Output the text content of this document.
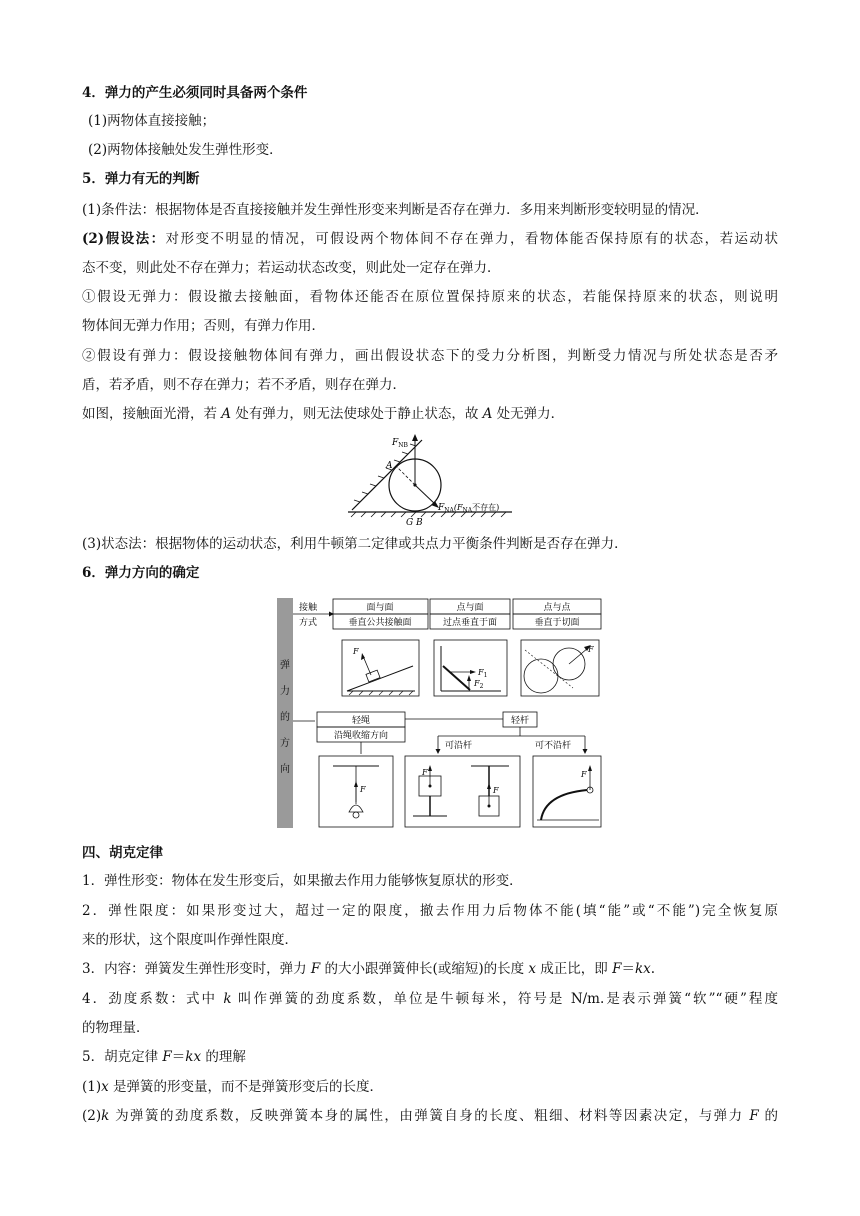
4．弹力的产生必须同时具备两个条件
(1)两物体直接接触；
(2)两物体接触处发生弹性形变．
5．弹力有无的判断
(1)条件法：根据物体是否直接接触并发生弹性形变来判断是否存在弹力．多用来判断形变较明显的情况．
(2)假设法：对形变不明显的情况，可假设两个物体间不存在弹力，看物体能否保持原有的状态，若运动状
态不变，则此处不存在弹力；若运动状态改变，则此处一定存在弹力．
①假设无弹力：假设撤去接触面，看物体还能否在原位置保持原来的状态，若能保持原来的状态，则说明
物体间无弹力作用；否则，有弹力作用．
②假设有弹力：假设接触物体间有弹力，画出假设状态下的受力分析图，判断受力情况与所处状态是否矛
盾，若矛盾，则不存在弹力；若不矛盾，则存在弹力．
如图，接触面光滑，若 A 处有弹力，则无法使球处于静止状态，故 A 处无弹力．
$F_{NB}$
A
G B
$F_{NA}(F_{NA}$不存在)
(3)状态法：根据物体的运动状态，利用牛顿第二定律或共点力平衡条件判断是否存在弹力．
6．弹力方向的确定
弹
力
的
方
向
接触
方式
面与面
垂直公共接触面
点与面
过点垂直于面
点与点
垂直于切面
F
$F_1$
$F_2$
F
轻绳
沿绳收缩方向
轻杆
可沿杆	可不沿杆
F
F
F
F
四、胡克定律
1．弹性形变：物体在发生形变后，如果撤去作用力能够恢复原状的形变．
2．弹性限度：如果形变过大，超过一定的限度，撤去作用力后物体不能(填“能”或“不能”)完全恢复原
来的形状，这个限度叫作弹性限度．
3．内容：弹簧发生弹性形变时，弹力 F 的大小跟弹簧伸长(或缩短)的长度 x 成正比，即 F＝kx.
4．劲度系数：式中 k 叫作弹簧的劲度系数，单位是牛顿每米，符号是 N/m.是表示弹簧“软”“硬”程度
的物理量．
5．胡克定律 F＝kx 的理解
(1)x 是弹簧的形变量，而不是弹簧形变后的长度．
(2)k 为弹簧的劲度系数，反映弹簧本身的属性，由弹簧自身的长度、粗细、材料等因素决定，与弹力 F 的
